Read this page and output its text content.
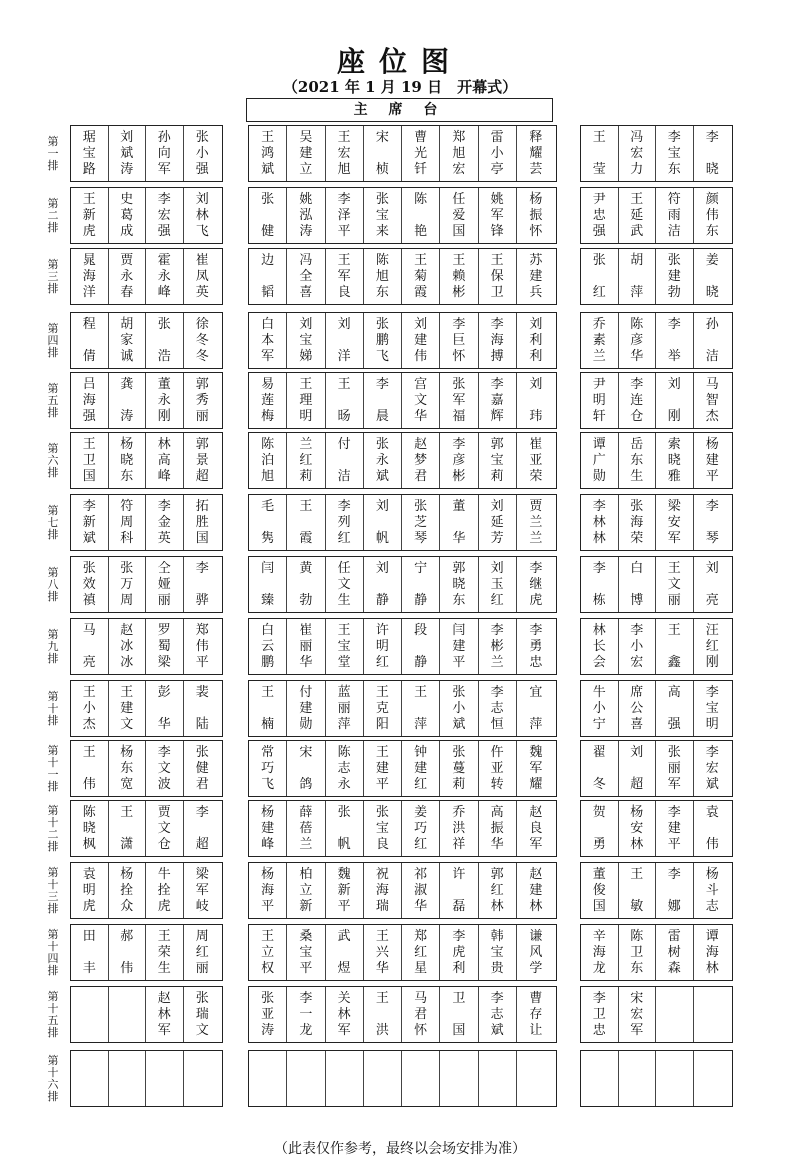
座位图
（2021 年 1 月 19 日　开幕式）
主 席 台
第
一
排
琚
宝
路
刘
斌
涛
孙
向
军
张
小
强
王
鸿
斌
吴
建
立
王
宏
旭
宋

桢
曹
光
钎
郑
旭
宏
雷
小
亭
释
耀
芸
王

莹
冯
宏
力
李
宝
东
李

晓
第
二
排
王
新
虎
史
葛
成
李
宏
强
刘
林
飞
张

健
姚
泓
涛
李
泽
平
张
宝
来
陈

艳
任
爱
国
姚
军
锋
杨
振
怀
尹
忠
强
王
延
武
符
雨
洁
颜
伟
东
第
三
排
晁
海
洋
贾
永
春
霍
永
峰
崔
凤
英
边

韬
冯
全
喜
王
军
良
陈
旭
东
王
菊
霞
王
赖
彬
王
保
卫
苏
建
兵
张

红
胡

萍
张
建
勃
姜

晓
第
四
排
程

倩
胡
家
诚
张

浩
徐
冬
冬
白
本
军
刘
宝
娣
刘

洋
张
鹏
飞
刘
建
伟
李
巨
怀
李
海
搏
刘
利
利
乔
素
兰
陈
彦
华
李

举
孙

洁
第
五
排
吕
海
强
龚

涛
董
永
刚
郭
秀
丽
易
莲
梅
王
理
明
王

旸
李

晨
宫
文
华
张
军
福
李
嘉
辉
刘

玮
尹
明
轩
李
连
仓
刘

刚
马
智
杰
第
六
排
王
卫
国
杨
晓
东
林
高
峰
郭
景
超
陈
泊
旭
兰
红
莉
付

洁
张
永
斌
赵
梦
君
李
彦
彬
郭
宝
莉
崔
亚
荣
谭
广
勋
岳
东
生
索
晓
雅
杨
建
平
第
七
排
李
新
斌
符
周
科
李
金
英
拓
胜
国
毛

隽
王

霞
李
列
红
刘

帆
张
芝
琴
董

华
刘
延
芳
贾
兰
兰
李
林
林
张
海
荣
梁
安
军
李

琴
第
八
排
张
效
禛
张
万
周
仝
娅
丽
李

骅
闫

臻
黄

勃
任
文
生
刘

静
宁

静
郭
晓
东
刘
玉
红
李
继
虎
李

栋
白

博
王
文
丽
刘

亮
第
九
排
马

亮
赵
冰
冰
罗
蜀
梁
郑
伟
平
白
云
鹏
崔
丽
华
王
宝
堂
许
明
红
段

静
闫
建
平
李
彬
兰
李
勇
忠
林
长
会
李
小
宏
王

鑫
汪
红
刚
第
十
排
王
小
杰
王
建
文
彭

华
裴

陆
王

楠
付
建
勋
蓝
丽
萍
王
克
阳
王

萍
张
小
斌
李
志
恒
宜

萍
牛
小
宁
席
公
喜
高

强
李
宝
明
第
十
一
排
王

伟
杨
东
宽
李
文
波
张
健
君
常
巧
飞
宋

鸽
陈
志
永
王
建
平
钟
建
红
张
蔓
莉
仵
亚
转
魏
军
耀
翟

冬
刘

超
张
丽
军
李
宏
斌
第
十
二
排
陈
晓
枫
王

潇
贾
文
仓
李

超
杨
建
峰
薛
蓓
兰
张

帆
张
宝
良
姜
巧
红
乔
洪
祥
高
振
华
赵
良
军
贺

勇
杨
安
林
李
建
平
袁

伟
第
十
三
排
袁
明
虎
杨
拴
众
牛
拴
虎
梁
军
岐
杨
海
平
柏
立
新
魏
新
平
祝
海
瑞
祁
淑
华
许

磊
郭
红
林
赵
建
林
董
俊
国
王

敏
李

娜
杨
斗
志
第
十
四
排
田

丰
郝

伟
王
荣
生
周
红
丽
王
立
权
桑
宝
平
武

煜
王
兴
华
郑
红
星
李
虎
利
韩
宝
贵
谦
风
学
辛
海
龙
陈
卫
东
雷
树
森
谭
海
林
第
十
五
排
赵
林
军
张
瑞
文
张
亚
涛
李
一
龙
关
林
军
王

洪
马
君
怀
卫

国
李
志
斌
曹
存
让
李
卫
忠
宋
宏
军
第
十
六
排
（此表仅作参考，最终以会场安排为准）
